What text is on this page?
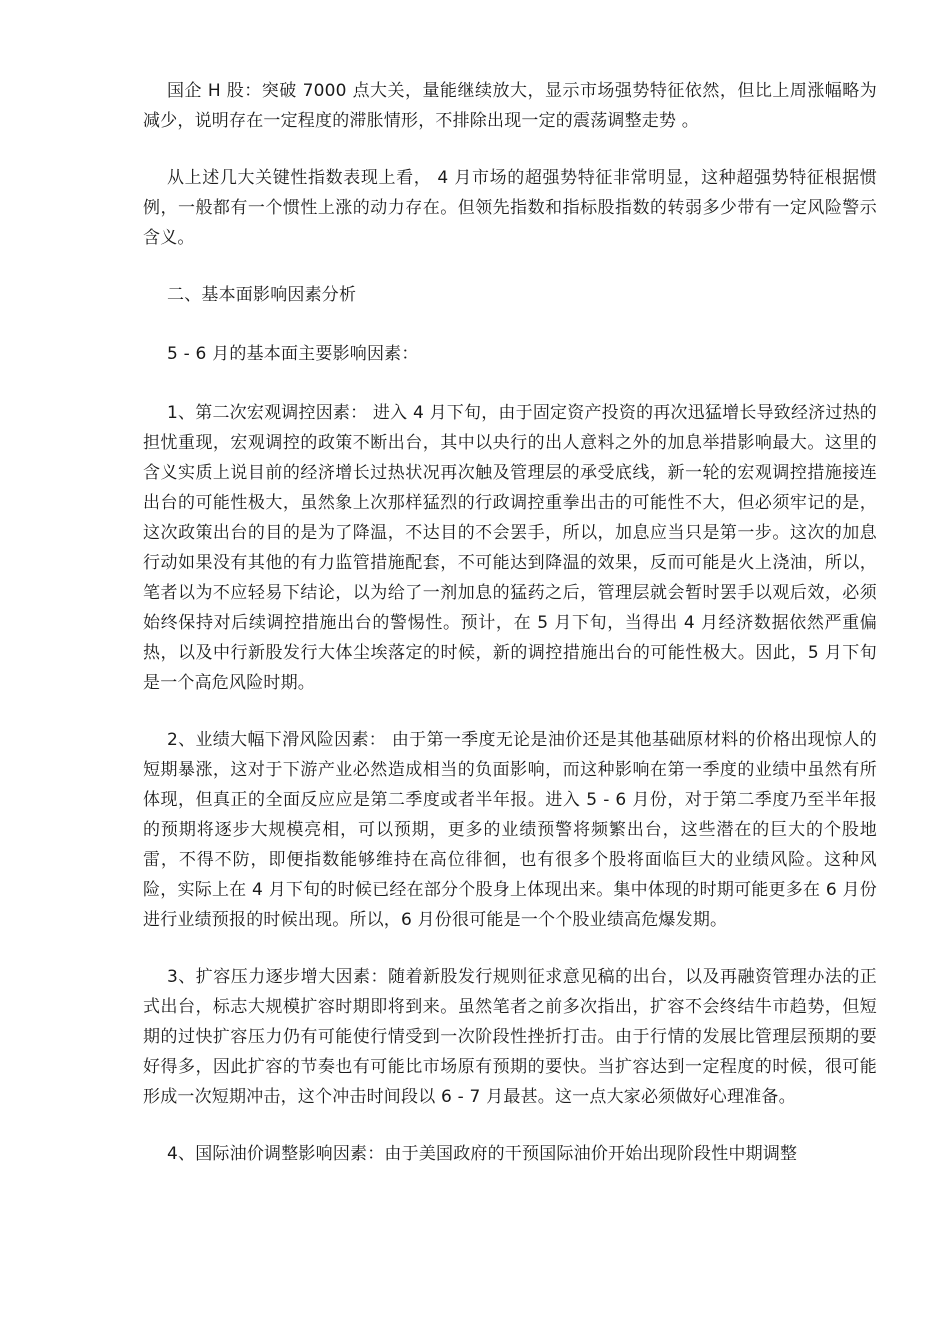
国企 H 股：突破 7000 点大关，量能继续放大，显示市场强势特征依然，但比上周涨幅略为减少，说明存在一定程度的滞胀情形，不排除出现一定的震荡调整走势 。

从上述几大关键性指数表现上看， 4 月市场的超强势特征非常明显，这种超强势特征根据惯例，一般都有一个惯性上涨的动力存在。但领先指数和指标股指数的转弱多少带有一定风险警示含义。

二、基本面影响因素分析

5 - 6 月的基本面主要影响因素：

1、第二次宏观调控因素： 进入 4 月下旬，由于固定资产投资的再次迅猛增长导致经济过热的担忧重现，宏观调控的政策不断出台，其中以央行的出人意料之外的加息举措影响最大。这里的含义实质上说目前的经济增长过热状况再次触及管理层的承受底线，新一轮的宏观调控措施接连出台的可能性极大，虽然象上次那样猛烈的行政调控重拳出击的可能性不大，但必须牢记的是，这次政策出台的目的是为了降温，不达目的不会罢手，所以，加息应当只是第一步。这次的加息行动如果没有其他的有力监管措施配套，不可能达到降温的效果，反而可能是火上浇油，所以，笔者以为不应轻易下结论，以为给了一剂加息的猛药之后，管理层就会暂时罢手以观后效，必须始终保持对后续调控措施出台的警惕性。预计，在 5 月下旬，当得出 4 月经济数据依然严重偏热，以及中行新股发行大体尘埃落定的时候，新的调控措施出台的可能性极大。因此，5 月下旬是一个高危风险时期。

2、业绩大幅下滑风险因素： 由于第一季度无论是油价还是其他基础原材料的价格出现惊人的短期暴涨，这对于下游产业必然造成相当的负面影响，而这种影响在第一季度的业绩中虽然有所体现，但真正的全面反应应是第二季度或者半年报。进入 5 - 6 月份，对于第二季度乃至半年报的预期将逐步大规模亮相，可以预期，更多的业绩预警将频繁出台，这些潜在的巨大的个股地雷，不得不防，即便指数能够维持在高位徘徊，也有很多个股将面临巨大的业绩风险。这种风险，实际上在 4 月下旬的时候已经在部分个股身上体现出来。集中体现的时期可能更多在 6 月份进行业绩预报的时候出现。所以，6 月份很可能是一个个股业绩高危爆发期。

3、扩容压力逐步增大因素：随着新股发行规则征求意见稿的出台，以及再融资管理办法的正式出台，标志大规模扩容时期即将到来。虽然笔者之前多次指出，扩容不会终结牛市趋势，但短期的过快扩容压力仍有可能使行情受到一次阶段性挫折打击。由于行情的发展比管理层预期的要好得多，因此扩容的节奏也有可能比市场原有预期的要快。当扩容达到一定程度的时候，很可能形成一次短期冲击，这个冲击时间段以 6 - 7 月最甚。这一点大家必须做好心理准备。

4、国际油价调整影响因素：由于美国政府的干预国际油价开始出现阶段性中期调整
